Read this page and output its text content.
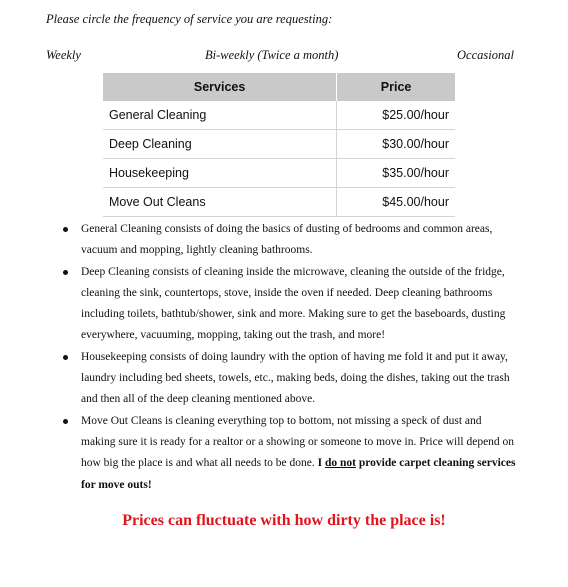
Please circle the frequency of service you are requesting:

Weekly	Bi-weekly (Twice a month)	Occasional
Services	Price
General Cleaning	$25.00/hour
Deep Cleaning	$30.00/hour
Housekeeping	$35.00/hour
Move Out Cleans	$45.00/hour
General Cleaning consists of doing the basics of dusting of bedrooms and common areas, vacuum and mopping, lightly cleaning bathrooms.
Deep Cleaning consists of cleaning inside the microwave, cleaning the outside of the fridge, cleaning the sink, countertops, stove, inside the oven if needed. Deep cleaning bathrooms including toilets, bathtub/shower, sink and more. Making sure to get the baseboards, dusting everywhere, vacuuming, mopping, taking out the trash, and more!
Housekeeping consists of doing laundry with the option of having me fold it and put it away, laundry including bed sheets, towels, etc., making beds, doing the dishes, taking out the trash and then all of the deep cleaning mentioned above.
Move Out Cleans is cleaning everything top to bottom, not missing a speck of dust and making sure it is ready for a realtor or a showing or someone to move in. Price will depend on how big the place is and what all needs to be done. I do not provide carpet cleaning services for move outs!

Prices can fluctuate with how dirty the place is!
